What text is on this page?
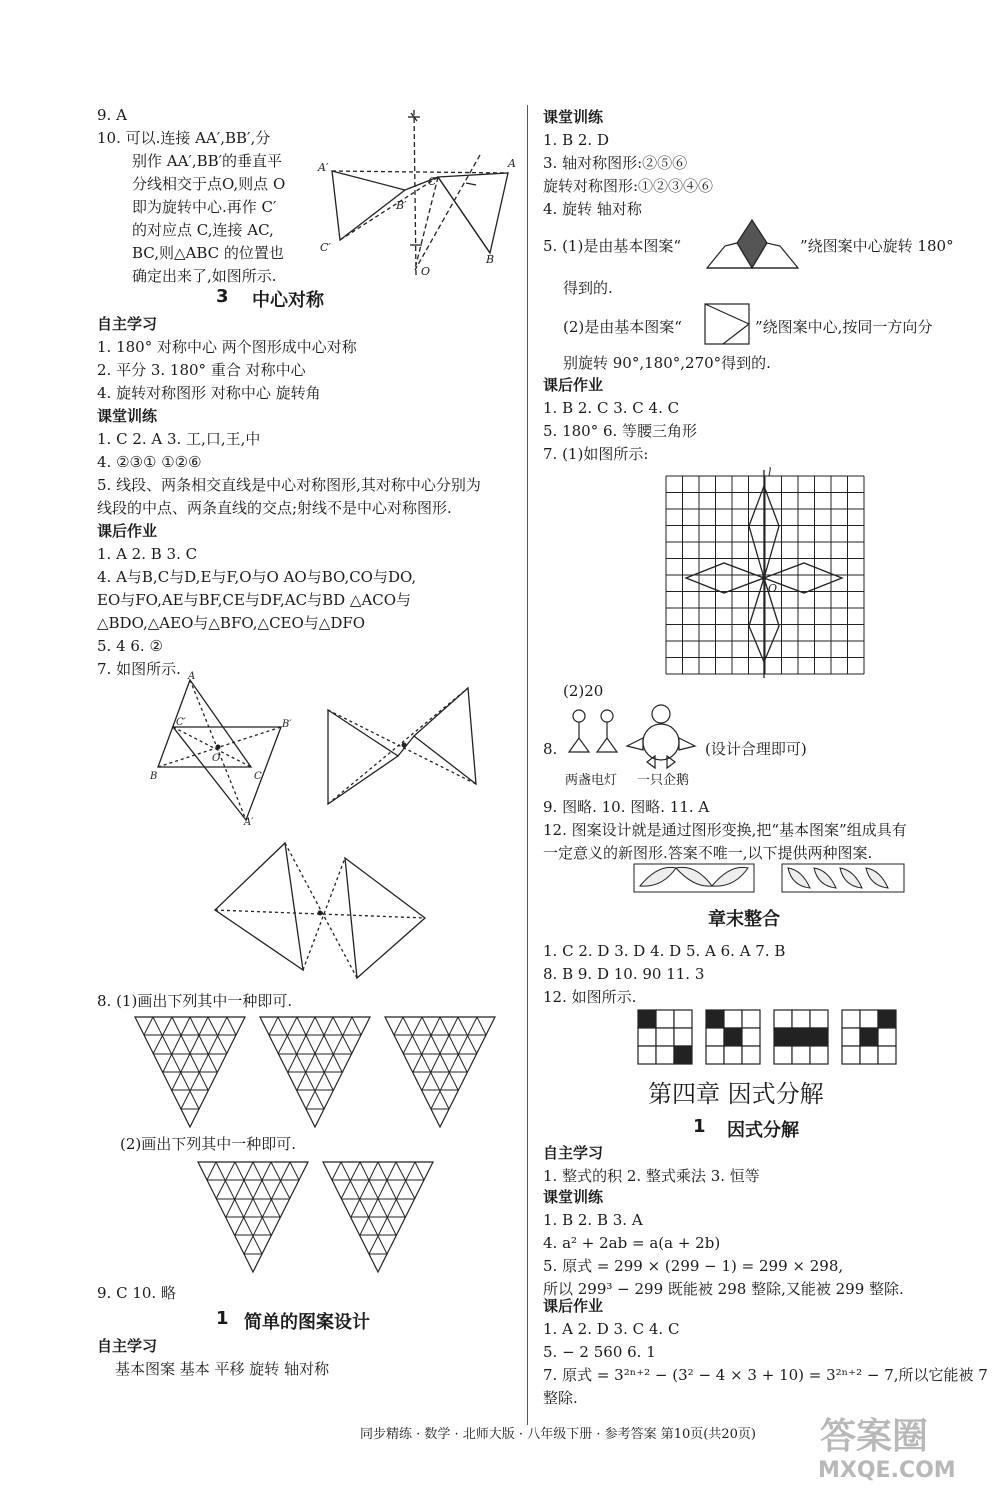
9. A
10. 可以.连接 AA′,BB′,分
别作 AA′,BB′的垂直平
分线相交于点O,则点 O
即为旋转中心.再作 C′
的对应点 C,连接 AC,
BC,则△ABC 的位置也
确定出来了,如图所示.
A′	A
B′
B
C′
C
O
3 中心对称
自主学习
1. 180° 对称中心 两个图形成中心对称
2. 平分 3. 180° 重合 对称中心
4. 旋转对称图形 对称中心 旋转角
课堂训练
1. C 2. A 3. 工,口,王,中
4. ②③① ①②⑥
5. 线段、两条相交直线是中心对称图形,其对称中心分别为
线段的中点、两条直线的交点;射线不是中心对称图形.
课后作业
1. A 2. B 3. C
4. A与B,C与D,E与F,O与O AO与BO,CO与DO,
EO与FO,AE与BF,CE与DF,AC与BD △ACO与
△BDO,△AEO与△BFO,△CEO与△DFO
5. 4 6. ②
7. 如图所示. A
B	C
O
C′	B′
A′
8. (1)画出下列其中一种即可.
(2)画出下列其中一种即可.
9. C 10. 略
1 简单的图案设计
自主学习
基本图案 基本 平移 旋转 轴对称
课堂训练
1. B 2. D
3. 轴对称图形:②⑤⑥
旋转对称图形:①②③④⑥
4. 旋转 轴对称
5. (1)是由基本图案“	”绕图案中心旋转 180°
得到的.
(2)是由基本图案“	”绕图案中心,按同一方向分
别旋转 90°,180°,270°得到的.
课后作业
1. B 2. C 3. C 4. C
5. 180° 6. 等腰三角形
7. (1)如图所示:
l
O
(2)20
8.	(设计合理即可)
两盏电灯 一只企鹅
9. 图略. 10. 图略. 11. A
12. 图案设计就是通过图形变换,把“基本图案”组成具有
一定意义的新图形.答案不唯一,以下提供两种图案.
章末整合
1. C 2. D 3. D 4. D 5. A 6. A 7. B
8. B 9. D 10. 90 11. 3
12. 如图所示.
第四章 因式分解
1 因式分解
自主学习
1. 整式的积 2. 整式乘法 3. 恒等
课堂训练
1. B 2. B 3. A
4. a² + 2ab = a(a + 2b)
5. 原式 = 299 × (299 − 1) = 299 × 298,
所以 299³ − 299 既能被 298 整除,又能被 299 整除.
课后作业
1. A 2. D 3. C 4. C
5. − 2 560 6. 1
7. 原式 = 3²ⁿ⁺² − (3² − 4 × 3 + 10) = 3²ⁿ⁺² − 7,所以它能被 7
整除.
同步精练 · 数学 · 北师大版 · 八年级下册 · 参考答案 第10页(共20页) 答案圈
MXQE.COM
